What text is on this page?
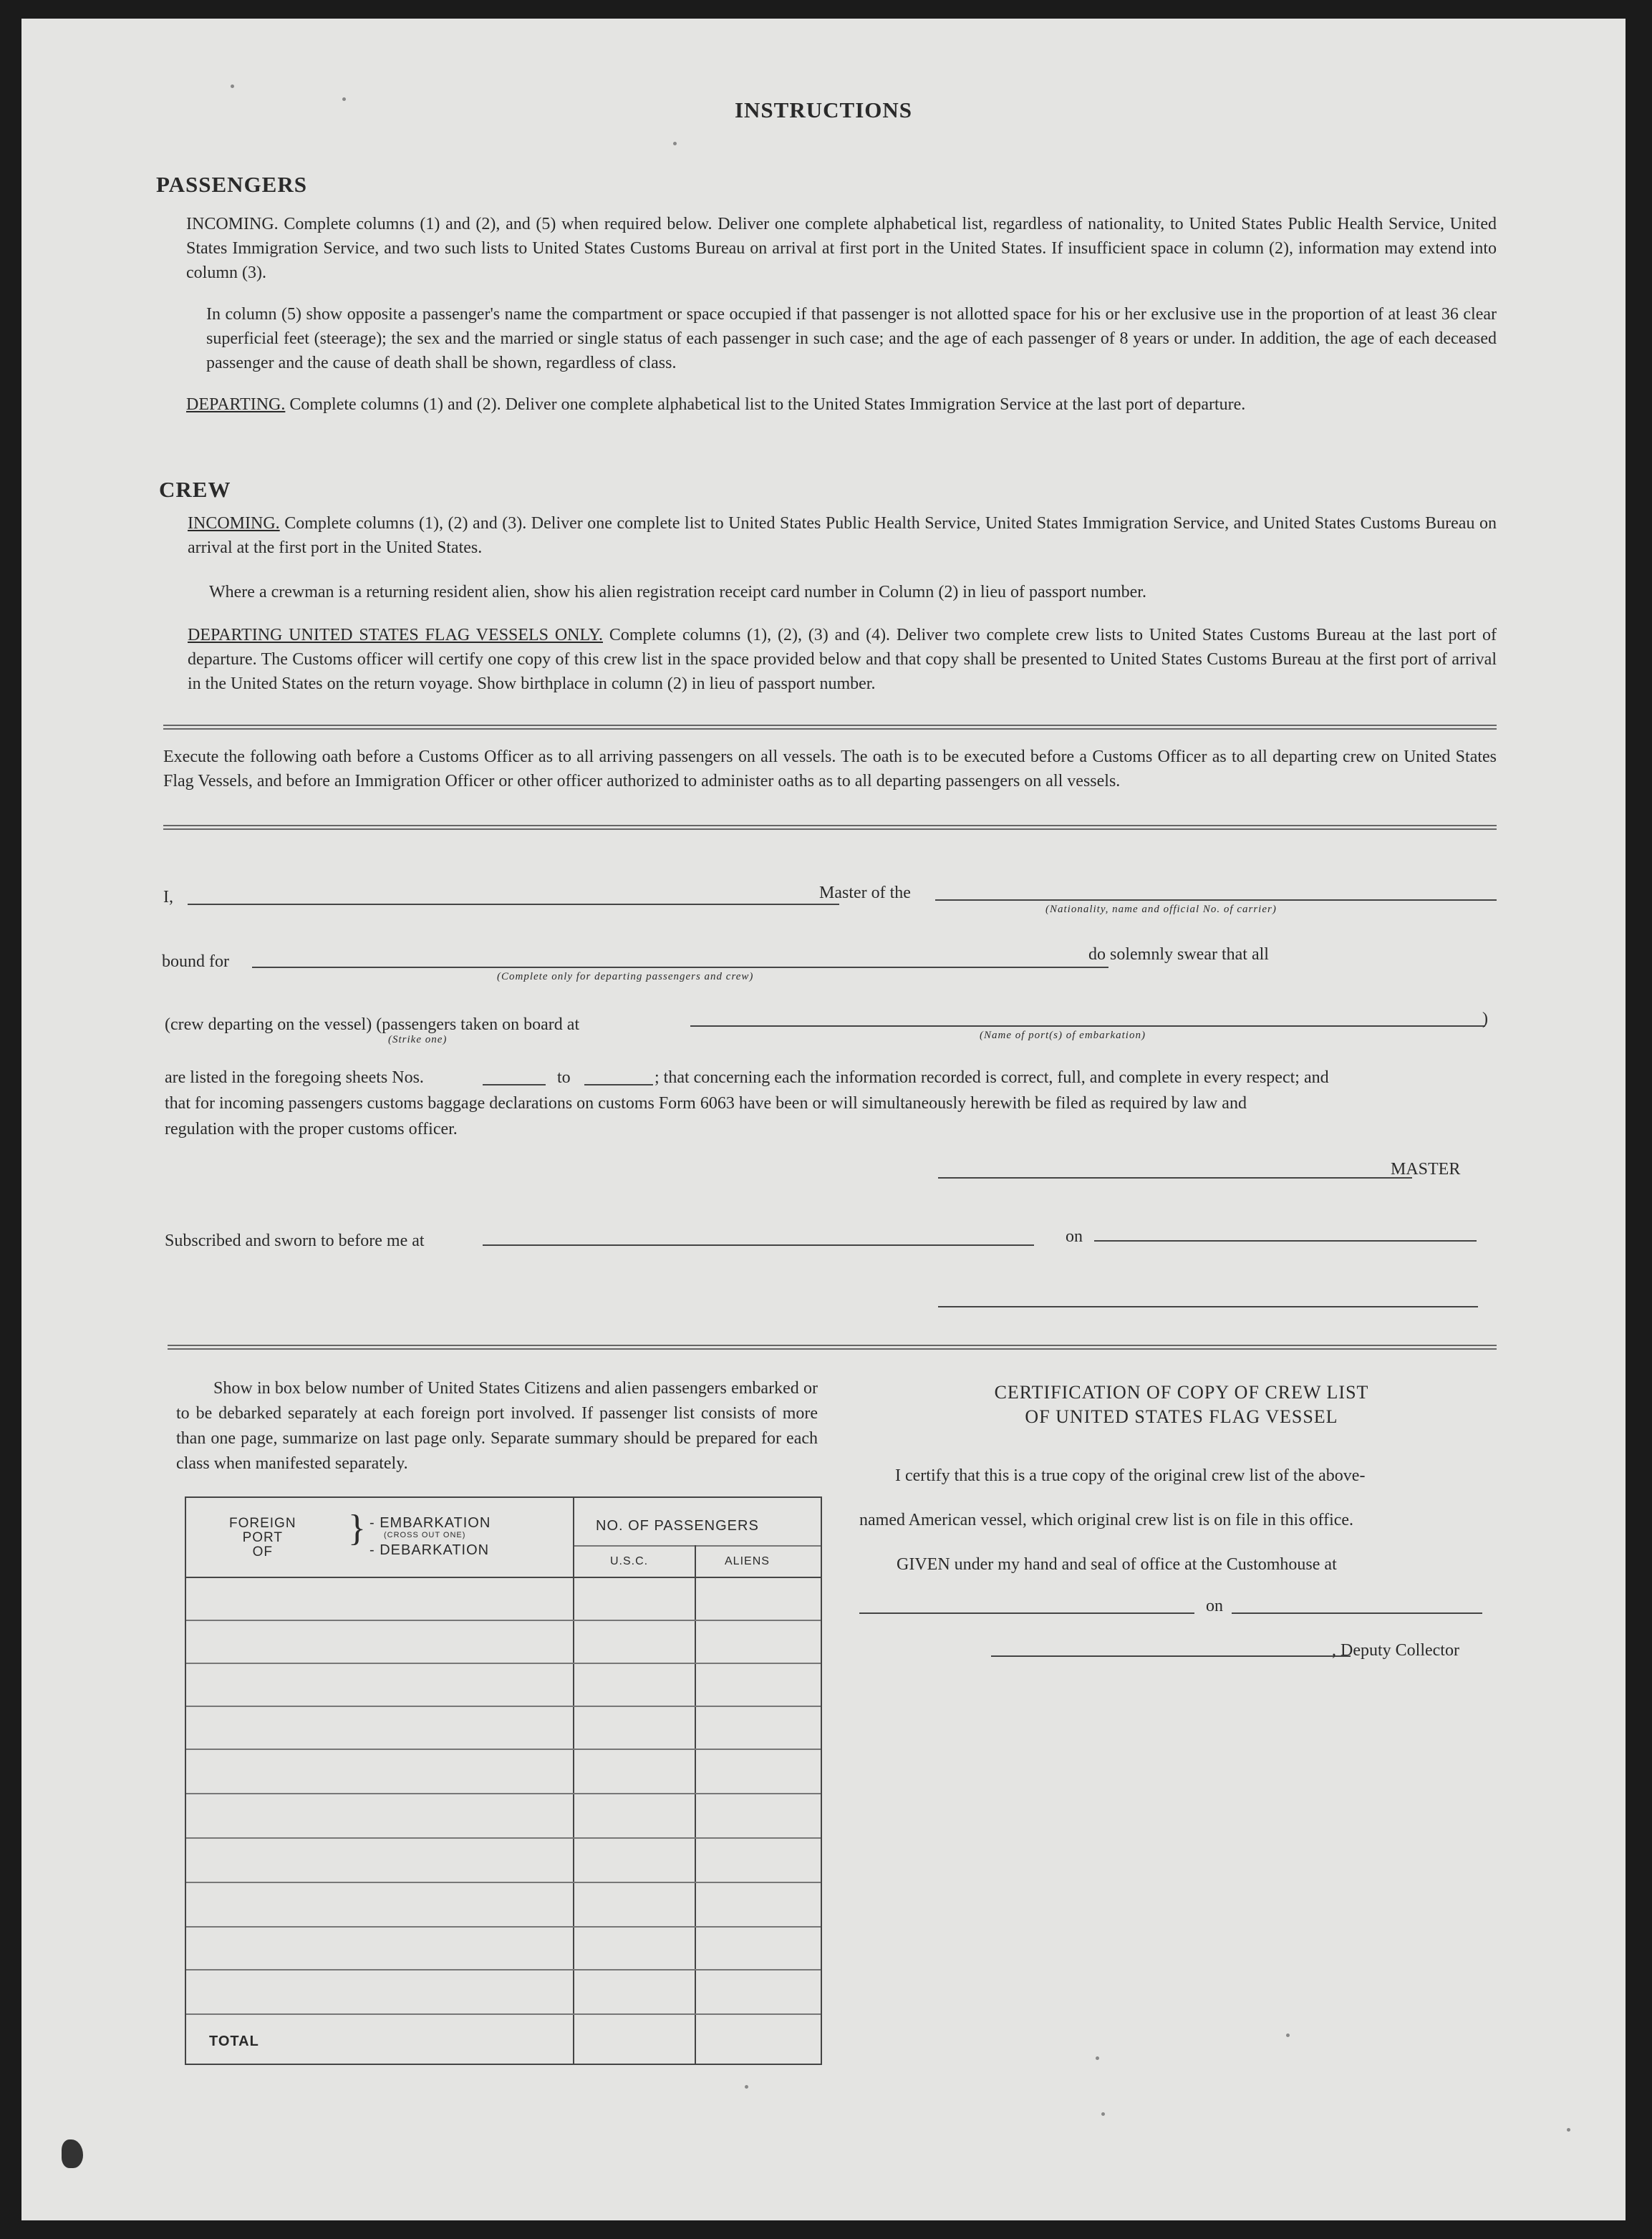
INSTRUCTIONS
PASSENGERS
INCOMING. Complete columns (1) and (2), and (5) when required below. Deliver one complete alphabetical list, regardless of nationality, to United States Public Health Service, United States Immigration Service, and two such lists to United States Customs Bureau on arrival at first port in the United States. If insufficient space in column (2), information may extend into column (3).
In column (5) show opposite a passenger's name the compartment or space occupied if that passenger is not allotted space for his or her exclusive use in the proportion of at least 36 clear superficial feet (steerage); the sex and the married or single status of each passenger in such case; and the age of each passenger of 8 years or under. In addition, the age of each deceased passenger and the cause of death shall be shown, regardless of class.
DEPARTING. Complete columns (1) and (2). Deliver one complete alphabetical list to the United States Immigration Service at the last port of departure.
CREW
INCOMING. Complete columns (1), (2) and (3). Deliver one complete list to United States Public Health Service, United States Immigration Service, and United States Customs Bureau on arrival at the first port in the United States.
Where a crewman is a returning resident alien, show his alien registration receipt card number in Column (2) in lieu of passport number.
DEPARTING UNITED STATES FLAG VESSELS ONLY. Complete columns (1), (2), (3) and (4). Deliver two complete crew lists to United States Customs Bureau at the last port of departure. The Customs officer will certify one copy of this crew list in the space provided below and that copy shall be presented to United States Customs Bureau at the first port of arrival in the United States on the return voyage. Show birthplace in column (2) in lieu of passport number.
Execute the following oath before a Customs Officer as to all arriving passengers on all vessels. The oath is to be executed before a Customs Officer as to all departing crew on United States Flag Vessels, and before an Immigration Officer or other officer authorized to administer oaths as to all departing passengers on all vessels.
I,	Master of the
(Nationality, name and official No. of carrier)
bound for
(Complete only for departing passengers and crew)
do solemnly swear that all
(crew departing on the vessel) (passengers taken on board at
(Strike one)
)
(Name of port(s) of embarkation)
are listed in the foregoing sheets Nos.	to	; that concerning each the information recorded is correct, full, and complete in every respect; and
that for incoming passengers customs baggage declarations on customs Form 6063 have been or will simultaneously herewith be filed as required by law and
regulation with the proper customs officer.
MASTER
Subscribed and sworn to before me at	on
Show in box below number of United States Citizens and alien passengers embarked or to be debarked separately at each foreign port involved. If passenger list consists of more than one page, summarize on last page only. Separate summary should be prepared for each class when manifested separately.
FOREIGN
PORT
OF
} - EMBARKATION
(CROSS OUT ONE)
- DEBARKATION
NO. OF PASSENGERS
U.S.C.	ALIENS
TOTAL
CERTIFICATION OF COPY OF CREW LIST
OF UNITED STATES FLAG VESSEL
I certify that this is a true copy of the original crew list of the above-
named American vessel, which original crew list is on file in this office.
GIVEN under my hand and seal of office at the Customhouse at
on
, Deputy Collector
